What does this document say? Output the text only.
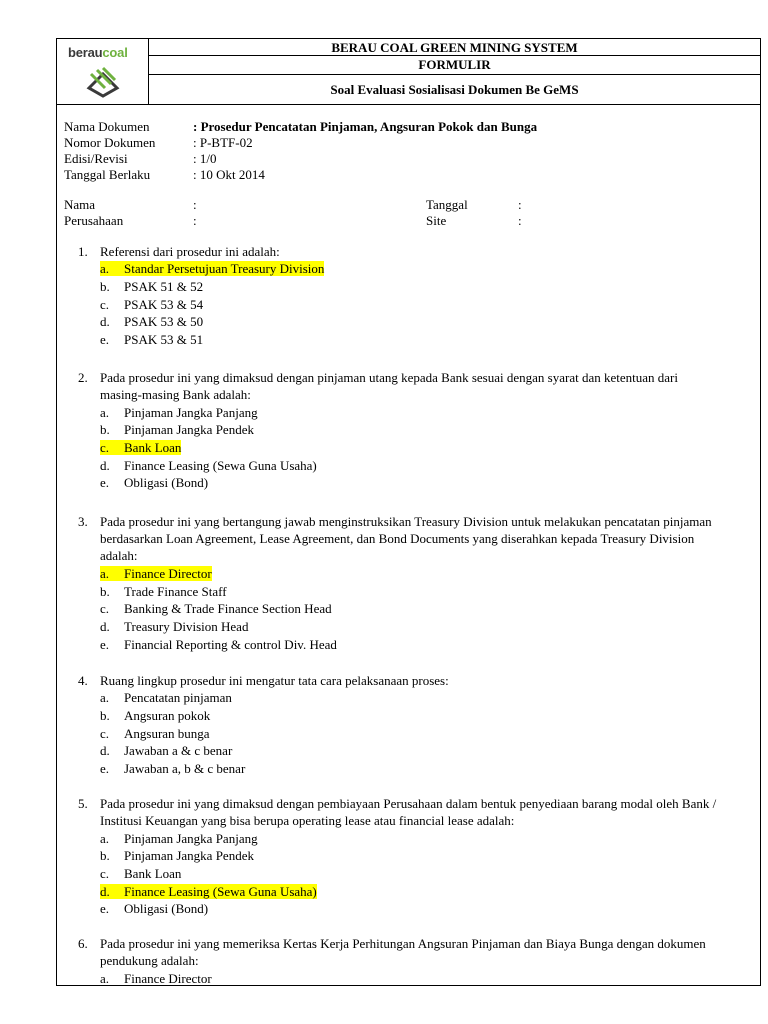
beraucoal	BERAU COAL GREEN MINING SYSTEM
FORMULIR
Soal Evaluasi Sosialisasi Dokumen Be GeMS
Nama Dokumen	: Prosedur Pencatatan Pinjaman, Angsuran Pokok dan Bunga
Nomor Dokumen	: P-BTF-02
Edisi/Revisi	: 1/0
Tanggal Berlaku	: 10 Okt 2014
Nama	:	Tanggal	:
Perusahaan	:	Site	:
1. Referensi dari prosedur ini adalah:
a. Standar Persetujuan Treasury Division
b. PSAK 51 & 52
c. PSAK 53 & 54
d. PSAK 53 & 50
e. PSAK 53 & 51
2. Pada prosedur ini yang dimaksud dengan pinjaman utang kepada Bank sesuai dengan syarat dan ketentuan dari masing-masing Bank adalah:
a. Pinjaman Jangka Panjang
b. Pinjaman Jangka Pendek
c. Bank Loan
d. Finance Leasing (Sewa Guna Usaha)
e. Obligasi (Bond)
3. Pada prosedur ini yang bertangung jawab menginstruksikan Treasury Division untuk melakukan pencatatan pinjaman berdasarkan Loan Agreement, Lease Agreement, dan Bond Documents yang diserahkan kepada Treasury Division adalah:
a. Finance Director
b. Trade Finance Staff
c. Banking & Trade Finance Section Head
d. Treasury Division Head
e. Financial Reporting & control Div. Head
4. Ruang lingkup prosedur ini mengatur tata cara pelaksanaan proses:
a. Pencatatan pinjaman
b. Angsuran pokok
c. Angsuran bunga
d. Jawaban a & c benar
e. Jawaban a, b & c benar
5. Pada prosedur ini yang dimaksud dengan pembiayaan Perusahaan dalam bentuk penyediaan barang modal oleh Bank / Institusi Keuangan yang bisa berupa operating lease atau financial lease adalah:
a. Pinjaman Jangka Panjang
b. Pinjaman Jangka Pendek
c. Bank Loan
d. Finance Leasing (Sewa Guna Usaha)
e. Obligasi (Bond)
6. Pada prosedur ini yang memeriksa Kertas Kerja Perhitungan Angsuran Pinjaman dan Biaya Bunga dengan dokumen pendukung adalah:
a. Finance Director
